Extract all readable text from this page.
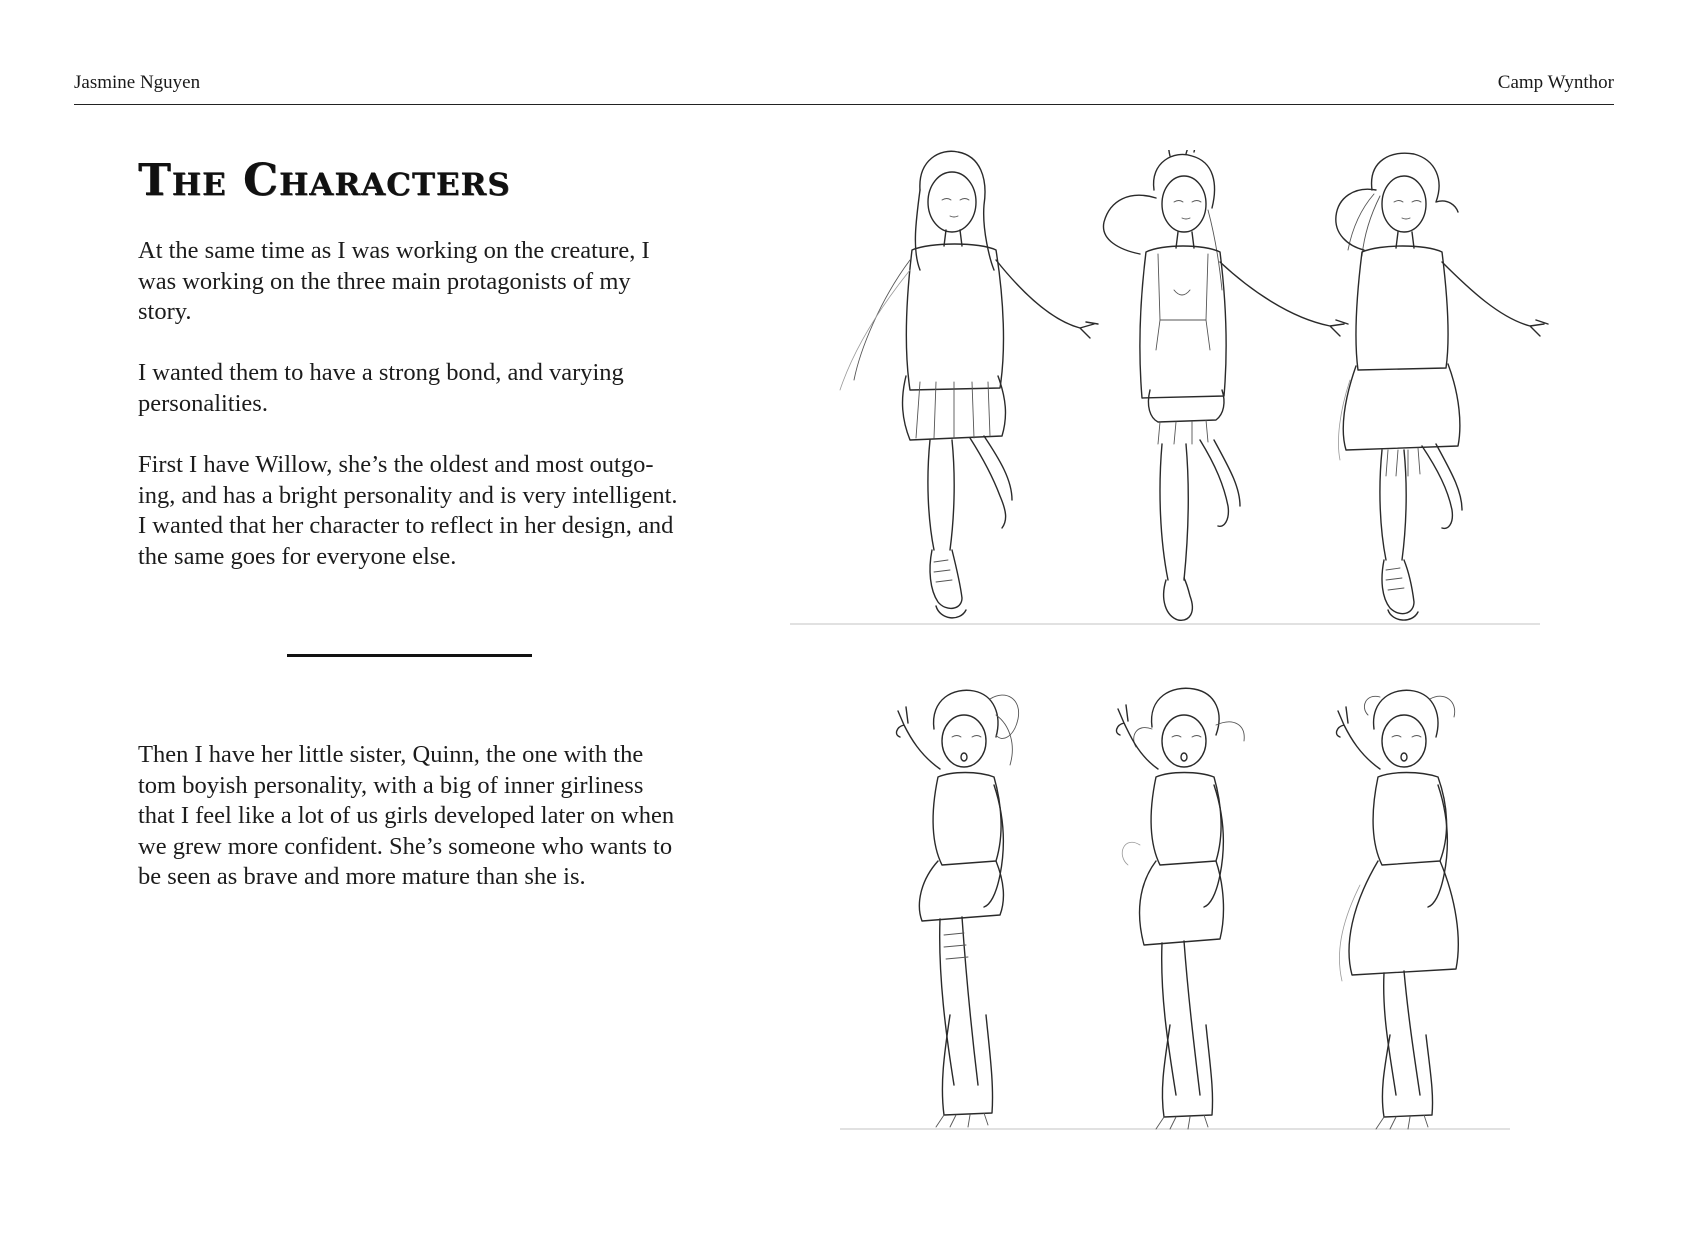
Jasmine Nguyen	Camp Wynthor
The Characters

At the same time as I was working on the creature, I was working on the three main protagonists of my story.

I wanted them to have a strong bond, and varying personalities.

First I have Willow, she’s the oldest and most outgoing, and has a bright personality and is very intelligent. I wanted that her character to reflect in her design, and the same goes for everyone else.

Then I have her little sister, Quinn, the one with the tom boyish personality, with a big of inner girliness that I feel like a lot of us girls developed later on when we grew more confident. She’s someone who wants to be seen as brave and more mature than she is.
